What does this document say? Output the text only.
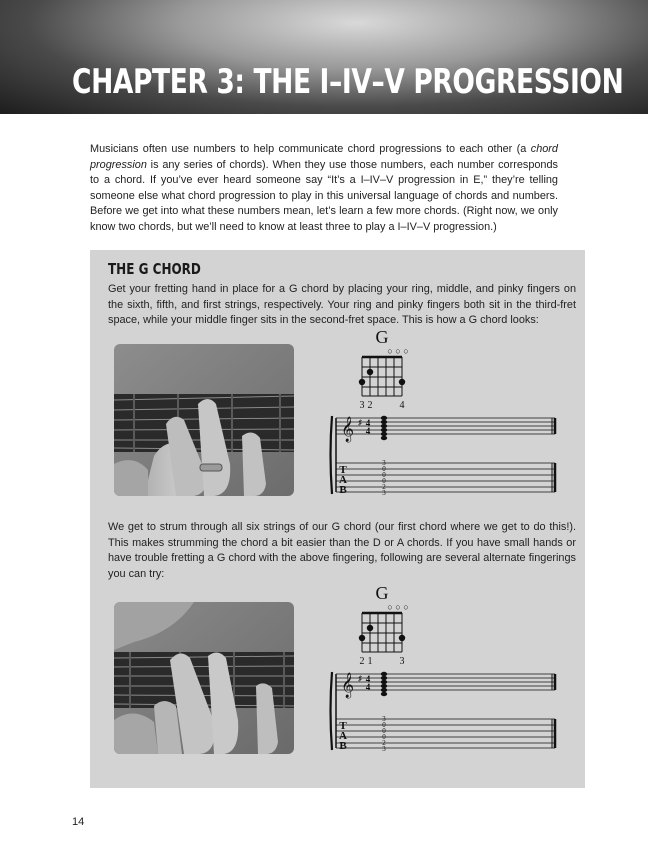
CHAPTER 3: THE I–IV–V PROGRESSION

Musicians often use numbers to help communicate chord progressions to each other (a chord progression is any series of chords). When they use those numbers, each number corresponds to a chord. If you’ve ever heard someone say “It’s a I–IV–V progression in E,” they’re telling someone else what chord progression to play in this universal language of chords and numbers. Before we get into what these numbers mean, let’s learn a few more chords. (Right now, we only know two chords, but we’ll need to know at least three to play a I–IV–V progression.)

THE G CHORD

Get your fretting hand in place for a G chord by placing your ring, middle, and pinky fingers on the sixth, fifth, and first strings, respectively. Your ring and pinky fingers both sit in the third-fret space, while your middle finger sits in the second-fret space. This is how a G chord looks:

G
○ ○ ○
3 2	4
𝄞 ♯ 4
4
T
A
B
3
0
0
0
2
3

We get to strum through all six strings of our G chord (our first chord where we get to do this!). This makes strumming the chord a bit easier than the D or A chords. If you have small hands or have trouble fretting a G chord with the above fingering, following are several alternate fingerings you can try:

G
○ ○ ○
2 1	3
𝄞 ♯ 4
4
T
A
B
3
0
0
0
2
3
14
